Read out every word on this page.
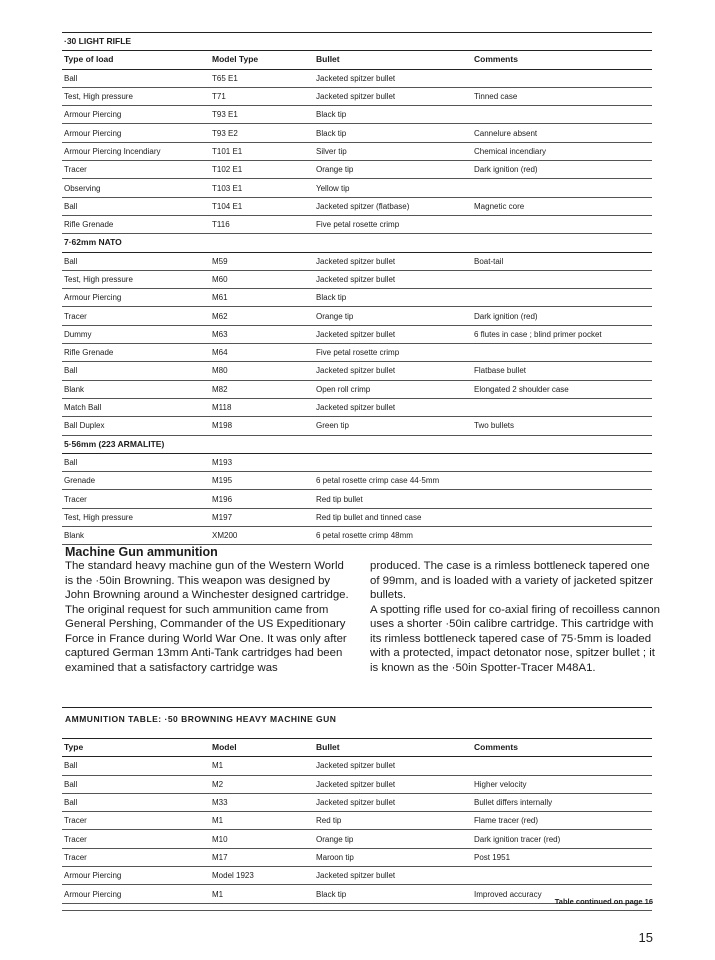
·30 LIGHT RIFLE			
Type of load	Model Type	Bullet	Comments
Ball	T65 E1	Jacketed spitzer bullet	
Test, High pressure	T71	Jacketed spitzer bullet	Tinned case
Armour Piercing	T93 E1	Black tip	
Armour Piercing	T93 E2	Black tip	Cannelure absent
Armour Piercing Incendiary	T101 E1	Silver tip	Chemical incendiary
Tracer	T102 E1	Orange tip	Dark ignition (red)
Observing	T103 E1	Yellow tip	
Ball	T104 E1	Jacketed spitzer (flatbase)	Magnetic core
Rifle Grenade	T116	Five petal rosette crimp	
7·62mm NATO			
Ball	M59	Jacketed spitzer bullet	Boat-tail
Test, High pressure	M60	Jacketed spitzer bullet	
Armour Piercing	M61	Black tip	
Tracer	M62	Orange tip	Dark ignition (red)
Dummy	M63	Jacketed spitzer bullet	6 flutes in case ; blind primer pocket
Rifle Grenade	M64	Five petal rosette crimp	
Ball	M80	Jacketed spitzer bullet	Flatbase bullet
Blank	M82	Open roll crimp	Elongated 2 shoulder case
Match Ball	M118	Jacketed spitzer bullet	
Ball Duplex	M198	Green tip	Two bullets
5·56mm (223 ARMALITE)			
Ball	M193		
Grenade	M195	6 petal rosette crimp case 44·5mm	
Tracer	M196	Red tip bullet	
Test, High pressure	M197	Red tip bullet and tinned case	
Blank	XM200	6 petal rosette crimp 48mm	
Machine Gun ammunition

The standard heavy machine gun of the Western World is the ·50in Browning. This weapon was designed by John Browning around a Winchester designed cartridge. The original request for such ammunition came from General Pershing, Commander of the US Expeditionary Force in France during World War One. It was only after captured German 13mm Anti-Tank cartridges had been examined that a satisfactory cartridge was

produced. The case is a rimless bottleneck tapered one of 99mm, and is loaded with a variety of jacketed spitzer bullets.

A spotting rifle used for co-axial firing of recoilless cannon uses a shorter ·50in calibre cartridge. This cartridge with its rimless bottleneck tapered case of 75·5mm is loaded with a protected, impact detonator nose, spitzer bullet ; it is known as the ·50in Spotter-Tracer M48A1.

AMMUNITION TABLE: ·50 BROWNING HEAVY MACHINE GUN
Type	Model	Bullet	Comments
Ball	M1	Jacketed spitzer bullet	
Ball	M2	Jacketed spitzer bullet	Higher velocity
Ball	M33	Jacketed spitzer bullet	Bullet differs internally
Tracer	M1	Red tip	Flame tracer (red)
Tracer	M10	Orange tip	Dark ignition tracer (red)
Tracer	M17	Maroon tip	Post 1951
Armour Piercing	Model 1923	Jacketed spitzer bullet	
Armour Piercing	M1	Black tip	Improved accuracy
Table continued on page 16
15
